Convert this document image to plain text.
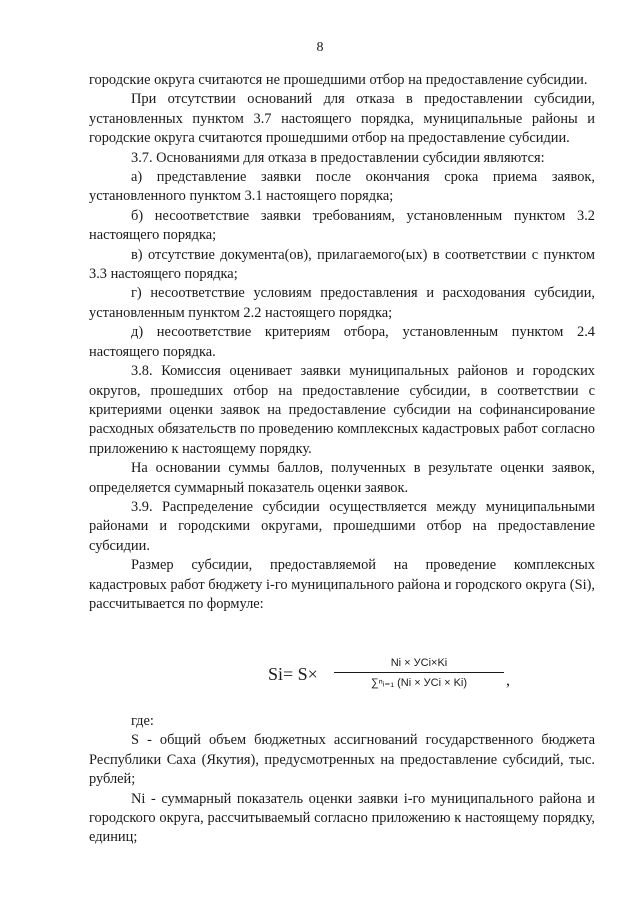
8

городские округа считаются не прошедшими отбор на предоставление субсидии.

При отсутствии оснований для отказа в предоставлении субсидии, установленных пунктом 3.7 настоящего порядка, муниципальные районы и городские округа считаются прошедшими отбор на предоставление субсидии.

3.7. Основаниями для отказа в предоставлении субсидии являются:

а) представление заявки после окончания срока приема заявок, установленного пунктом 3.1 настоящего порядка;

б) несоответствие заявки требованиям, установленным пунктом 3.2 настоящего порядка;

в) отсутствие документа(ов), прилагаемого(ых) в соответствии с пунктом 3.3 настоящего порядка;

г) несоответствие условиям предоставления и расходования субсидии, установленным пунктом 2.2 настоящего порядка;

д) несоответствие критериям отбора, установленным пунктом 2.4 настоящего порядка.

3.8. Комиссия оценивает заявки муниципальных районов и городских округов, прошедших отбор на предоставление субсидии, в соответствии с критериями оценки заявок на предоставление субсидии на софинансирование расходных обязательств по проведению комплексных кадастровых работ согласно приложению к настоящему порядку.

На основании суммы баллов, полученных в результате оценки заявок, определяется суммарный показатель оценки заявок.

3.9. Распределение субсидии осуществляется между муниципальными районами и городскими округами, прошедшими отбор на предоставление субсидии.

Размер субсидии, предоставляемой на проведение комплексных кадастровых работ бюджету i-го муниципального района и городского округа (Si), рассчитывается по формуле:

Si= S×
Ni × УCi×Ki
∑ⁿᵢ₌₁ (Ni × УCi × Ki)	,

где:

S - общий объем бюджетных ассигнований государственного бюджета Республики Саха (Якутия), предусмотренных на предоставление субсидий, тыс. рублей;

Ni - суммарный показатель оценки заявки i-го муниципального района и городского округа, рассчитываемый согласно приложению к настоящему порядку, единиц;
